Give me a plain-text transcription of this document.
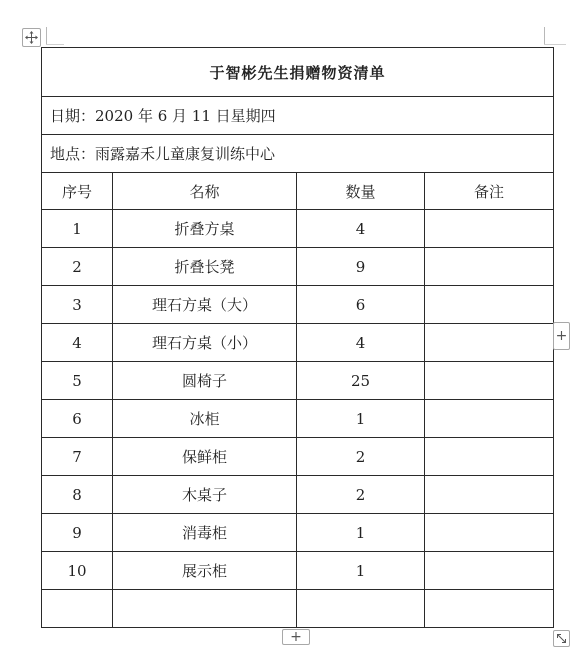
于智彬先生捐赠物资清单			
日期：2020 年 6 月 11 日星期四			
地点：雨露嘉禾儿童康复训练中心			
序号	名称	数量	备注
1	折叠方桌	4	
2	折叠长凳	9	
3	理石方桌（大）	6	
4	理石方桌（小）	4	
5	圆椅子	25	
6	冰柜	1	
7	保鲜柜	2	
8	木桌子	2	
9	消毒柜	1	
10	展示柜	1	

+
+
